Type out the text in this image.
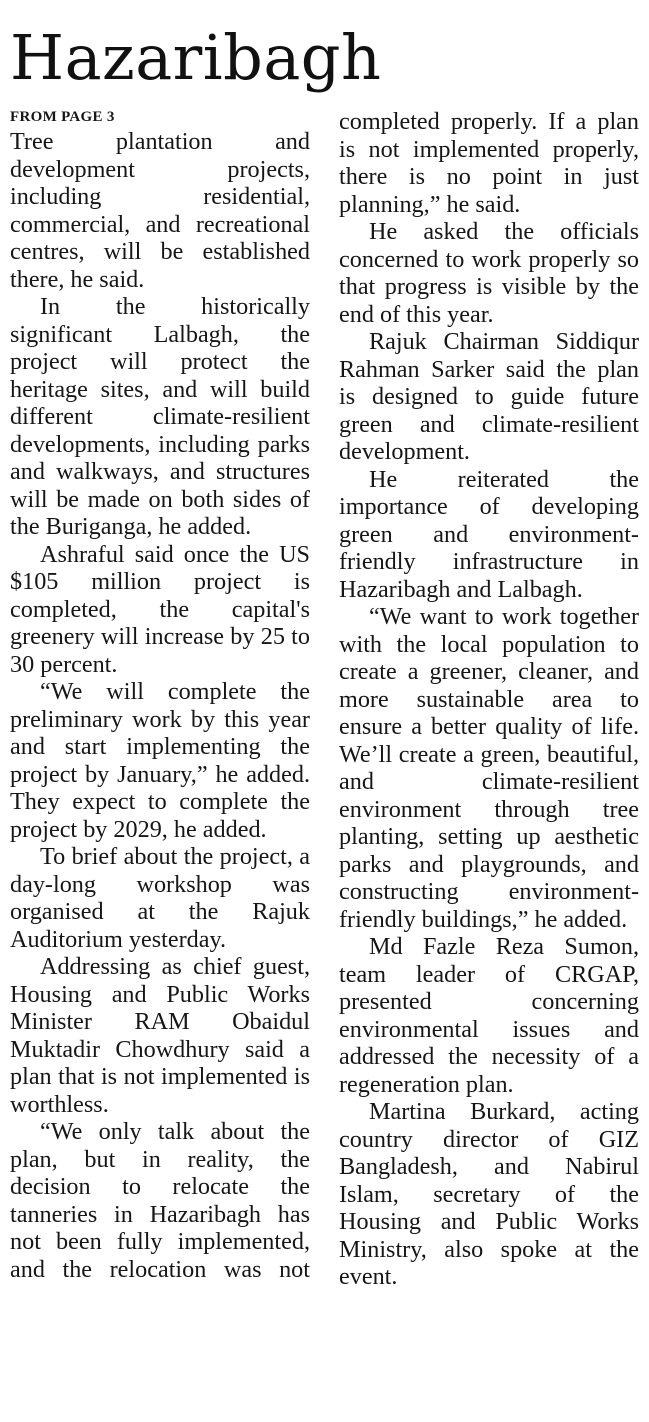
Hazaribagh
FROM PAGE 3

Tree plantation and development projects, including residential, commercial, and recreational centres, will be established there, he said.

In the historically significant Lalbagh, the project will protect the heritage sites, and will build different climate-resilient developments, including parks and walkways, and structures will be made on both sides of the Buriganga, he added.

Ashraful said once the US $105 million project is completed, the capital's greenery will increase by 25 to 30 percent.

“We will complete the preliminary work by this year and start implementing the project by January,” he added. They expect to complete the project by 2029, he added.

To brief about the project, a day-long workshop was organised at the Rajuk Auditorium yesterday.

Addressing as chief guest, Housing and Public Works Minister RAM Obaidul Muktadir Chowdhury said a plan that is not implemented is worthless.

“We only talk about the plan, but in reality, the decision to relocate the tanneries in Hazaribagh has not been fully implemented, and the relocation was not

completed properly. If a plan is not implemented properly, there is no point in just planning,” he said.

He asked the officials concerned to work properly so that progress is visible by the end of this year.

Rajuk Chairman Siddiqur Rahman Sarker said the plan is designed to guide future green and climate-resilient development.

He reiterated the importance of developing green and environment-friendly infrastructure in Hazaribagh and Lalbagh.

“We want to work together with the local population to create a greener, cleaner, and more sustainable area to ensure a better quality of life. We’ll create a green, beautiful, and climate-resilient environment through tree planting, setting up aesthetic parks and playgrounds, and constructing environment-friendly buildings,” he added.

Md Fazle Reza Sumon, team leader of CRGAP, presented concerning environmental issues and addressed the necessity of a regeneration plan.

Martina Burkard, acting country director of GIZ Bangladesh, and Nabirul Islam, secretary of the Housing and Public Works Ministry, also spoke at the event.
